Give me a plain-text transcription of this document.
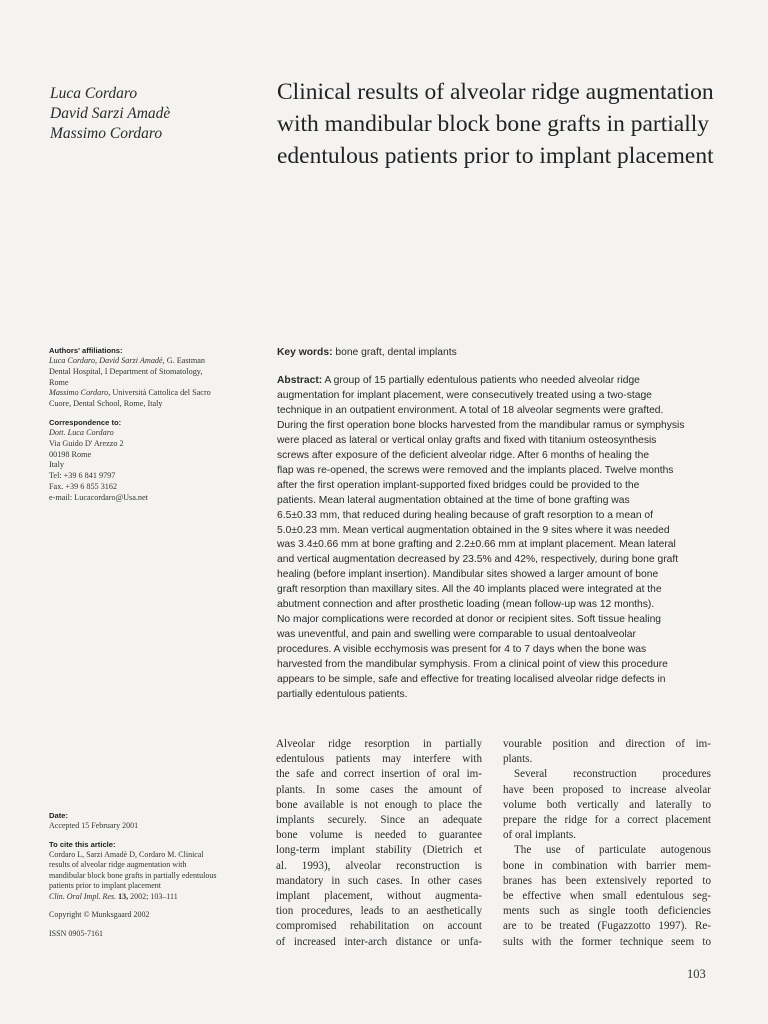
Luca Cordaro
David Sarzi Amadè
Massimo Cordaro
Clinical results of alveolar ridge augmentation with mandibular block bone grafts in partially edentulous patients prior to implant placement
Authors' affiliations:
Luca Cordaro, David Sarzi Amadè, G. Eastman
Dental Hospital, I Department of Stomatology,
Rome
Massimo Cordaro, Università Cattolica del Sacro
Cuore, Dental School, Rome, Italy
Correspondence to:
Dott. Luca Cordaro
Via Guido D' Arezzo 2
00198 Rome
Italy
Tel: +39 6 841 9797
Fax. +39 6 855 3162
e-mail: Lucacordaro@Usa.net
Key words: bone graft, dental implants
Abstract: A group of 15 partially edentulous patients who needed alveolar ridge
augmentation for implant placement, were consecutively treated using a two-stage
technique in an outpatient environment. A total of 18 alveolar segments were grafted.
During the first operation bone blocks harvested from the mandibular ramus or symphysis
were placed as lateral or vertical onlay grafts and fixed with titanium osteosynthesis
screws after exposure of the deficient alveolar ridge. After 6 months of healing the
flap was re-opened, the screws were removed and the implants placed. Twelve months
after the first operation implant-supported fixed bridges could be provided to the
patients. Mean lateral augmentation obtained at the time of bone grafting was
6.5±0.33 mm, that reduced during healing because of graft resorption to a mean of
5.0±0.23 mm. Mean vertical augmentation obtained in the 9 sites where it was needed
was 3.4±0.66 mm at bone grafting and 2.2±0.66 mm at implant placement. Mean lateral
and vertical augmentation decreased by 23.5% and 42%, respectively, during bone graft
healing (before implant insertion). Mandibular sites showed a larger amount of bone
graft resorption than maxillary sites. All the 40 implants placed were integrated at the
abutment connection and after prosthetic loading (mean follow-up was 12 months).
No major complications were recorded at donor or recipient sites. Soft tissue healing
was uneventful, and pain and swelling were comparable to usual dentoalveolar
procedures. A visible ecchymosis was present for 4 to 7 days when the bone was
harvested from the mandibular symphysis. From a clinical point of view this procedure
appears to be simple, safe and effective for treating localised alveolar ridge defects in
partially edentulous patients.
Date:
Accepted 15 February 2001
To cite this article:
Cordaro L, Sarzi Amadè D, Cordaro M. Clinical
results of alveolar ridge augmentation with
mandibular block bone grafts in partially edentulous
patients prior to implant placement
Clin. Oral Impl. Res. 13, 2002; 103–111
Copyright © Munksgaard 2002
ISSN 0905-7161
Alveolar ridge resorption in partially
edentulous patients may interfere with
the safe and correct insertion of oral im-
plants. In some cases the amount of
bone available is not enough to place the
implants securely. Since an adequate
bone volume is needed to guarantee
long-term implant stability (Dietrich et
al. 1993), alveolar reconstruction is
mandatory in such cases. In other cases
implant placement, without augmenta-
tion procedures, leads to an aesthetically
compromised rehabilitation on account
of increased inter-arch distance or unfa-
vourable position and direction of im-
plants.
Several reconstruction procedures
have been proposed to increase alveolar
volume both vertically and laterally to
prepare the ridge for a correct placement
of oral implants.
The use of particulate autogenous
bone in combination with barrier mem-
branes has been extensively reported to
be effective when small edentulous seg-
ments such as single tooth deficiencies
are to be treated (Fugazzotto 1997). Re-
sults with the former technique seem to
103
